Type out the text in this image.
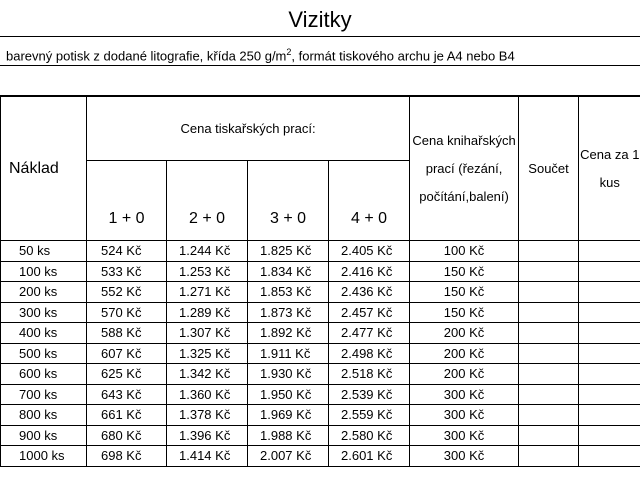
Vizitky
barevný potisk z dodané litografie, křída 250 $g/m^2$, formát tiskového archu je A4 nebo B4
Náklad	Cena tiskařských prací:				Cena knihařských prací (řezání, počítání,balení)	Součet	Cena za 1 kus
	1 + 0	2 + 0	3 + 0	4 + 0			
50 ks	524 Kč	1.244 Kč	1.825 Kč	2.405 Kč	100 Kč		
100 ks	533 Kč	1.253 Kč	1.834 Kč	2.416 Kč	150 Kč		
200 ks	552 Kč	1.271 Kč	1.853 Kč	2.436 Kč	150 Kč		
300 ks	570 Kč	1.289 Kč	1.873 Kč	2.457 Kč	150 Kč		
400 ks	588 Kč	1.307 Kč	1.892 Kč	2.477 Kč	200 Kč		
500 ks	607 Kč	1.325 Kč	1.911 Kč	2.498 Kč	200 Kč		
600 ks	625 Kč	1.342 Kč	1.930 Kč	2.518 Kč	200 Kč		
700 ks	643 Kč	1.360 Kč	1.950 Kč	2.539 Kč	300 Kč		
800 ks	661 Kč	1.378 Kč	1.969 Kč	2.559 Kč	300 Kč		
900 ks	680 Kč	1.396 Kč	1.988 Kč	2.580 Kč	300 Kč		
1000 ks	698 Kč	1.414 Kč	2.007 Kč	2.601 Kč	300 Kč		
